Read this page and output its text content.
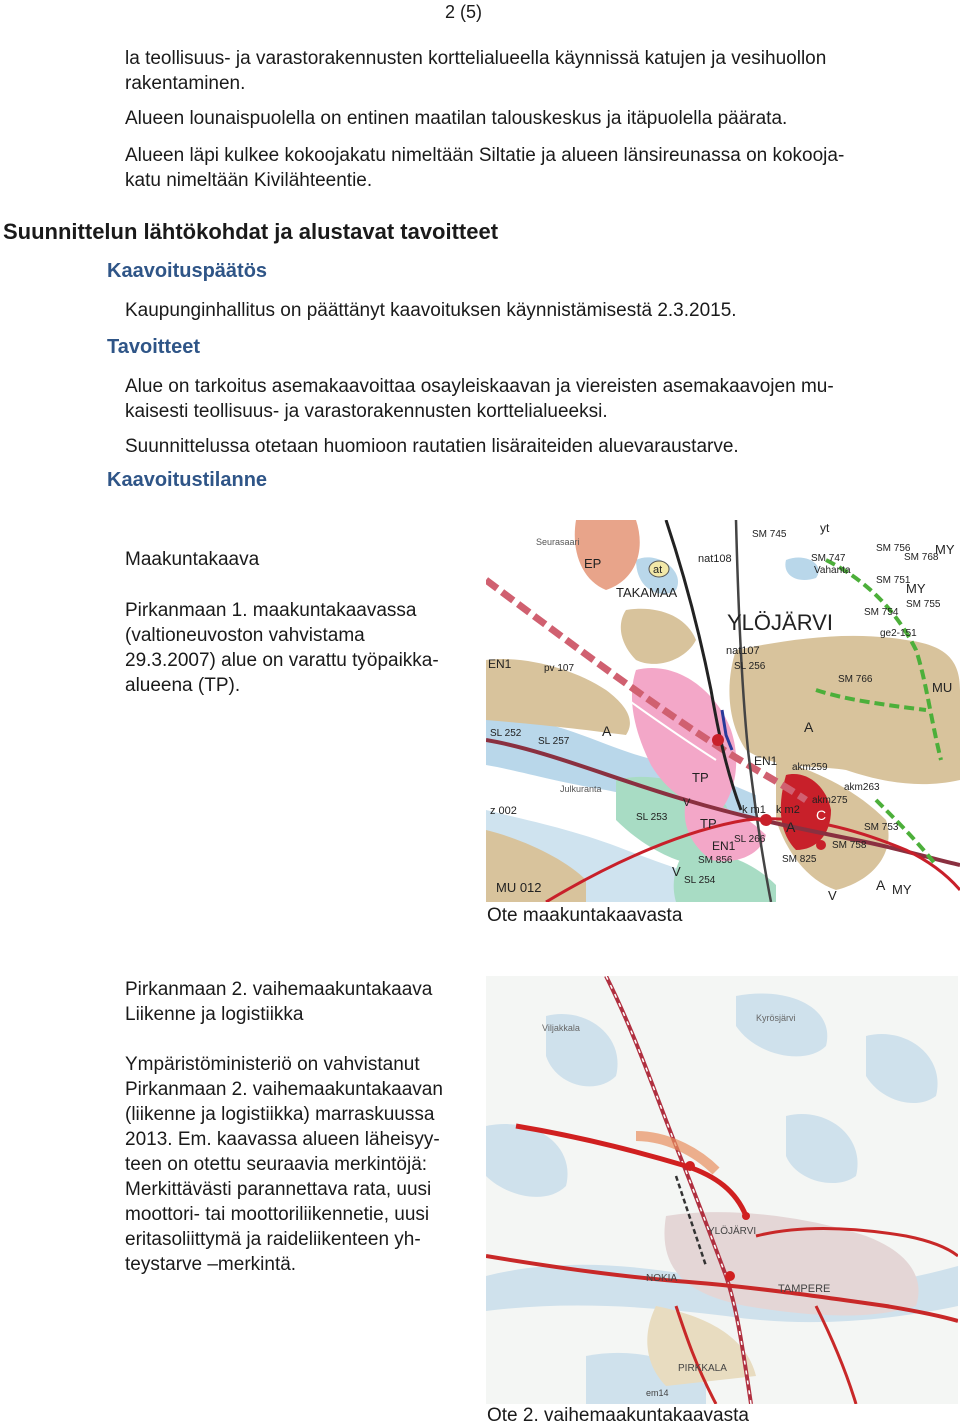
2 (5)

la teollisuus- ja varastorakennusten korttelialueella käynnissä katujen ja vesihuollon
rakentaminen.

Alueen lounaispuolella on entinen maatilan talouskeskus ja itäpuolella päärata.

Alueen läpi kulkee kokoojakatu nimeltään Siltatie ja alueen länsireunassa on kokooja-
katu nimeltään Kivilähteentie.

Suunnittelun lähtökohdat ja alustavat tavoitteet
Kaavoituspäätös

Kaupunginhallitus on päättänyt kaavoituksen käynnistämisestä 2.3.2015.

Tavoitteet

Alue on tarkoitus asemakaavoittaa osayleiskaavan ja viereisten asemakaavojen mu-
kaisesti teollisuus- ja varastorakennusten korttelialueeksi.

Suunnittelussa otetaan huomioon rautatien lisäraiteiden aluevaraustarve.

Kaavoitustilanne

Maakuntakaava

Pirkanmaan 1. maakuntakaavassa
(valtioneuvoston vahvistama
29.3.2007) alue on varattu työpaikka-
alueena (TP).

EP	at
nat108
TAKAMAA
YLÖJÄRVI
nat107
SL 256
yt
SM 745
SM 747
SM 756
SM 768
MY
Vahanta
SM 751
MY
SM 754
SM 755
ge2-151
EN1	pv 107
SM 766
MU
SL 252
SL 257
A	A
TP
EN1 akm259
akm263
k m1 k m2
akm275
C
z 002
SL 253	TP	A
SL 266
SM 753
EN1
SM 825
SM 758
SM 856
SL 254
MU 012
V
V
V
A MY
Julkuranta
Seurasaari
Ote maakuntakaavasta

Pirkanmaan 2. vaihemaakuntakaava
Liikenne ja logistiikka

Ympäristöministeriö on vahvistanut
Pirkanmaan 2. vaihemaakuntakaavan
(liikenne ja logistiikka) marraskuussa
2013. Em. kaavassa alueen läheisyy-
teen on otettu seuraavia merkintöjä:
Merkittävästi parannettava rata, uusi
moottori- tai moottoriliikennetie, uusi
eritasoliittymä ja raideliikenteen yh-
teystarve –merkintä.

YLÖJÄRVI
TAMPERE
NOKIA
PIRKKALA
Viljakkala
Kyrösjärvi
em14
Ote 2. vaihemaakuntakaavasta
